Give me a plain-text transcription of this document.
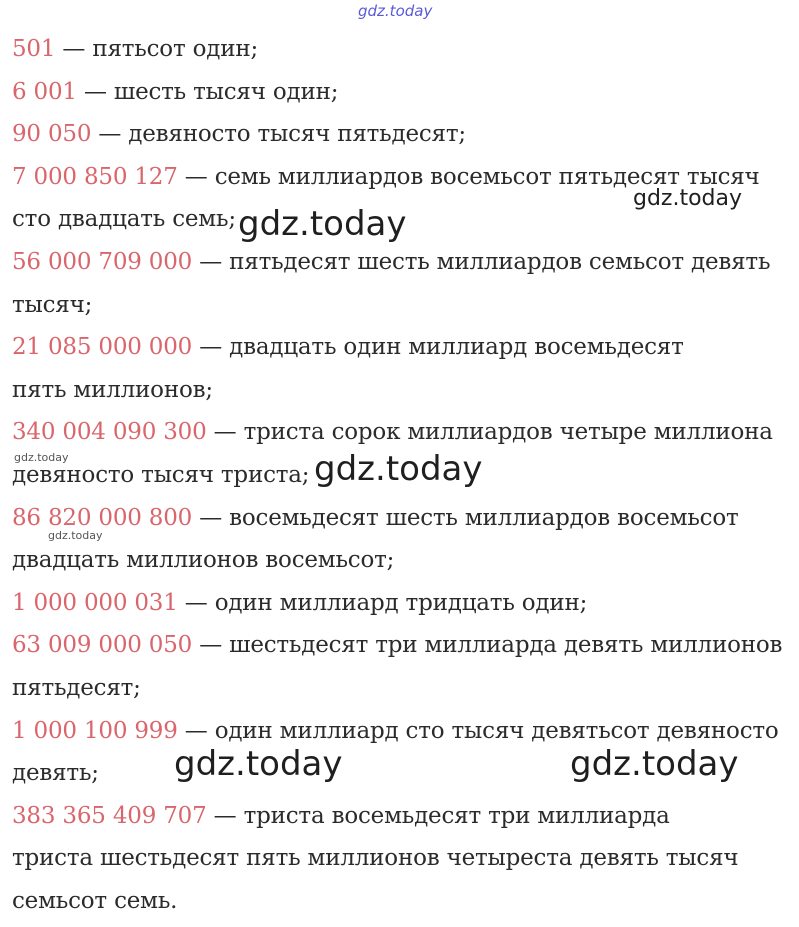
gdz.today
501 — пятьсот один;
6 001 — шесть тысяч один;
90 050 — девяносто тысяч пятьдесят;
7 000 850 127 — семь миллиардов восемьсот пятьдесят тысяч
сто двадцать семь;
56 000 709 000 — пятьдесят шесть миллиардов семьсот девять
тысяч;
21 085 000 000 — двадцать один миллиард восемьдесят
пять миллионов;
340 004 090 300 — триста сорок миллиардов четыре миллиона
девяносто тысяч триста;
86 820 000 800 — восемьдесят шесть миллиардов восемьсот
двадцать миллионов восемьсот;
1 000 000 031 — один миллиард тридцать один;
63 009 000 050 — шестьдесят три миллиарда девять миллионов
пятьдесят;
1 000 100 999 — один миллиард сто тысяч девятьсот девяносто
девять;
383 365 409 707 — триста восемьдесят три миллиарда
триста шестьдесят пять миллионов четыреста девять тысяч
семьсот семь.
gdz.today
gdz.today
gdz.today	gdz.today
gdz.today
gdz.today	gdz.today
